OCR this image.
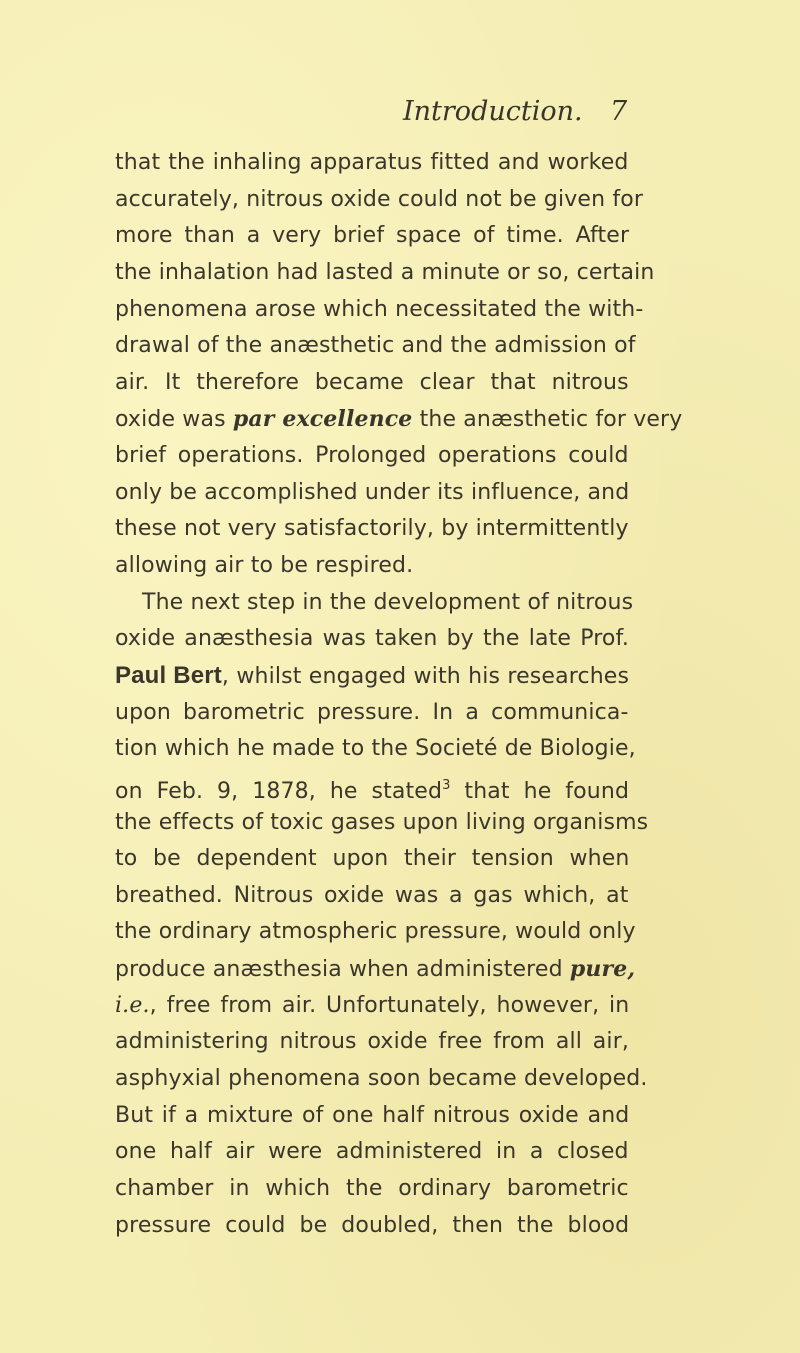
Introduction. 7
that the inhaling apparatus fitted and worked
accurately, nitrous oxide could not be given for
more than a very brief space of time. After
the inhalation had lasted a minute or so, certain
phenomena arose which necessitated the with-
drawal of the anæsthetic and the admission of
air. It therefore became clear that nitrous
oxide was par excellence the anæsthetic for very
brief operations. Prolonged operations could
only be accomplished under its influence, and
these not very satisfactorily, by intermittently
allowing air to be respired.
The next step in the development of nitrous
oxide anæsthesia was taken by the late Prof.
Paul Bert, whilst engaged with his researches
upon barometric pressure. In a communica-
tion which he made to the Societé de Biologie,
on Feb. 9, 1878, he stated$^3$ that he found
the effects of toxic gases upon living organisms
to be dependent upon their tension when
breathed. Nitrous oxide was a gas which, at
the ordinary atmospheric pressure, would only
produce anæsthesia when administered pure,
i.e., free from air. Unfortunately, however, in
administering nitrous oxide free from all air,
asphyxial phenomena soon became developed.
But if a mixture of one half nitrous oxide and
one half air were administered in a closed
chamber in which the ordinary barometric
pressure could be doubled, then the blood
